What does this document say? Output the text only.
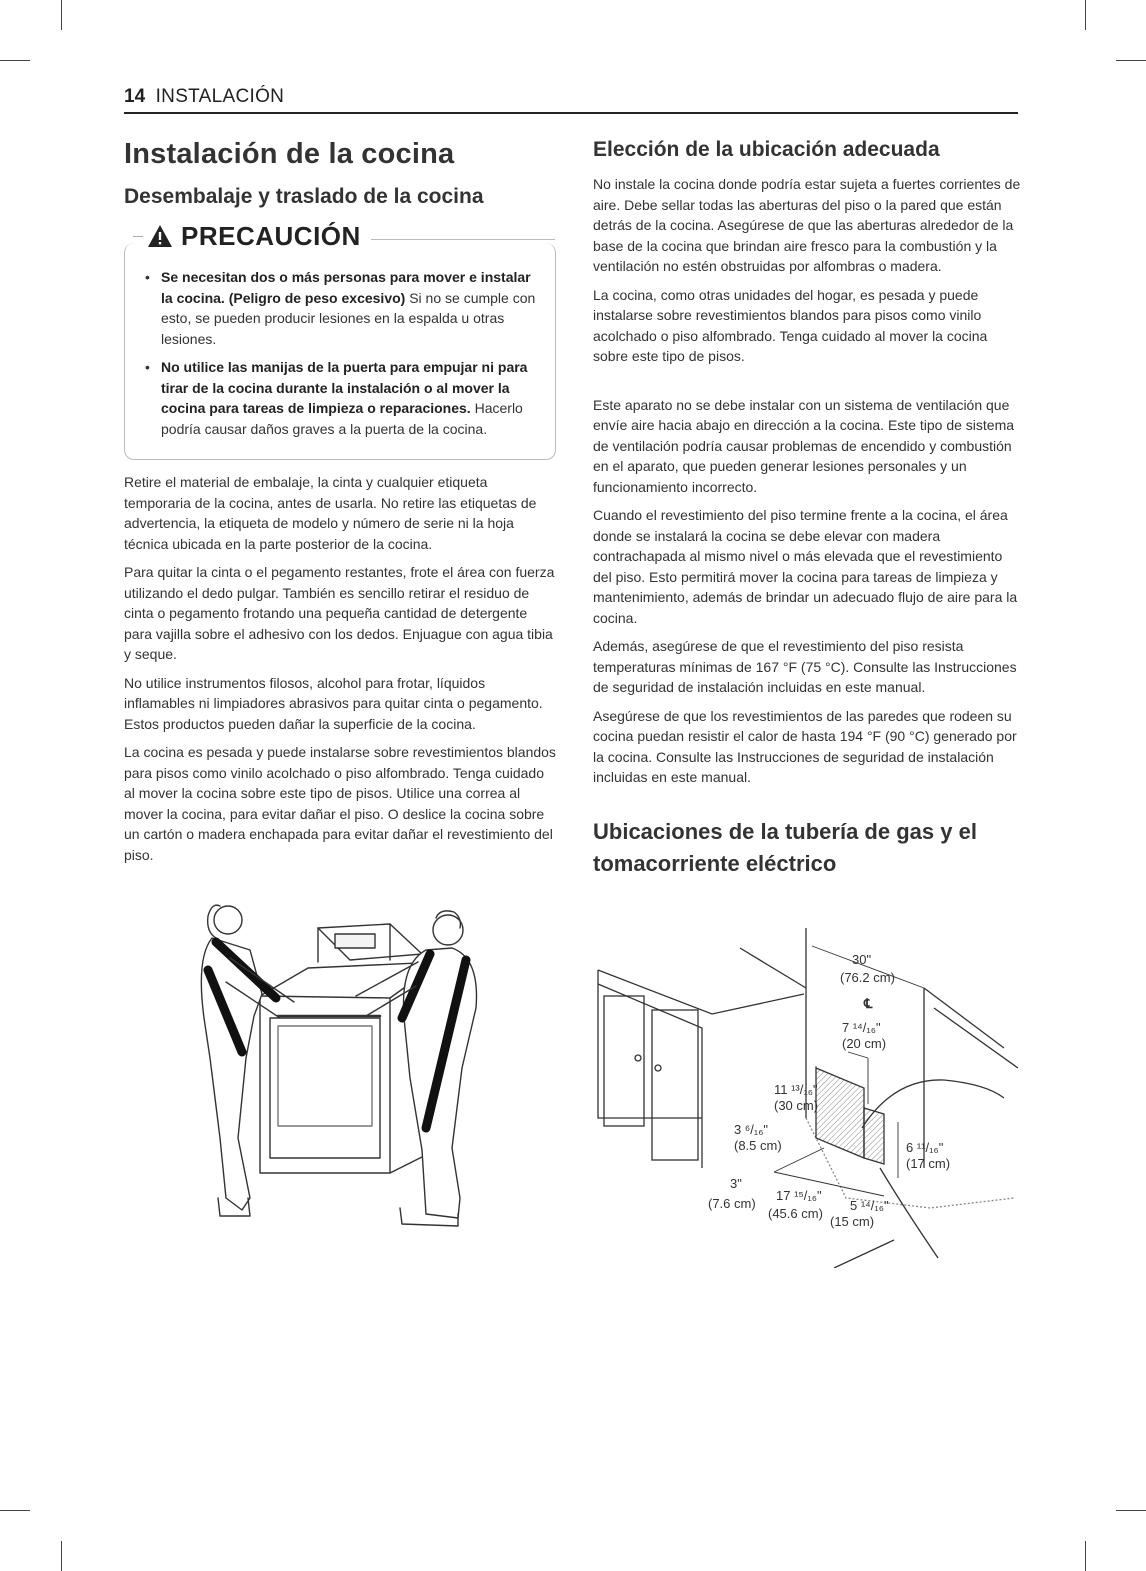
14 INSTALACIÓN
Instalación de la cocina
Desembalaje y traslado de la cocina
PRECAUCIÓN
• Se necesitan dos o más personas para mover e instalar la cocina. (Peligro de peso excesivo) Si no se cumple con esto, se pueden producir lesiones en la espalda u otras lesiones.
• No utilice las manijas de la puerta para empujar ni para tirar de la cocina durante la instalación o al mover la cocina para tareas de limpieza o reparaciones. Hacerlo podría causar daños graves a la puerta de la cocina.

Retire el material de embalaje, la cinta y cualquier etiqueta temporaria de la cocina, antes de usarla. No retire las etiquetas de advertencia, la etiqueta de modelo y número de serie ni la hoja técnica ubicada en la parte posterior de la cocina.

Para quitar la cinta o el pegamento restantes, frote el área con fuerza utilizando el dedo pulgar. También es sencillo retirar el residuo de cinta o pegamento frotando una pequeña cantidad de detergente para vajilla sobre el adhesivo con los dedos. Enjuague con agua tibia y seque.

No utilice instrumentos filosos, alcohol para frotar, líquidos inflamables ni limpiadores abrasivos para quitar cinta o pegamento. Estos productos pueden dañar la superficie de la cocina.

La cocina es pesada y puede instalarse sobre revestimientos blandos para pisos como vinilo acolchado o piso alfombrado. Tenga cuidado al mover la cocina sobre este tipo de pisos. Utilice una correa al mover la cocina, para evitar dañar el piso. O deslice la cocina sobre un cartón o madera enchapada para evitar dañar el revestimiento del piso.

Elección de la ubicación adecuada

No instale la cocina donde podría estar sujeta a fuertes corrientes de aire. Debe sellar todas las aberturas del piso o la pared que están detrás de la cocina. Asegúrese de que las aberturas alrededor de la base de la cocina que brindan aire fresco para la combustión y la ventilación no estén obstruidas por alfombras o madera.

La cocina, como otras unidades del hogar, es pesada y puede instalarse sobre revestimientos blandos para pisos como vinilo acolchado o piso alfombrado. Tenga cuidado al mover la cocina sobre este tipo de pisos.

Este aparato no se debe instalar con un sistema de ventilación que envíe aire hacia abajo en dirección a la cocina. Este tipo de sistema de ventilación podría causar problemas de encendido y combustión en el aparato, que pueden generar lesiones personales y un funcionamiento incorrecto.

Cuando el revestimiento del piso termine frente a la cocina, el área donde se instalará la cocina se debe elevar con madera contrachapada al mismo nivel o más elevada que el revestimiento del piso. Esto permitirá mover la cocina para tareas de limpieza y mantenimiento, además de brindar un adecuado flujo de aire para la cocina.

Además, asegúrese de que el revestimiento del piso resista temperaturas mínimas de 167 °F (75 °C). Consulte las Instrucciones de seguridad de instalación incluidas en este manual.

Asegúrese de que los revestimientos de las paredes que rodeen su cocina puedan resistir el calor de hasta 194 °F (90 °C) generado por la cocina. Consulte las Instrucciones de seguridad de instalación incluidas en este manual.

Ubicaciones de la tubería de gas y el tomacorriente eléctrico
30"
(76.2 cm)
℄
7 ¹⁴/₁₆"
(20 cm)
11 ¹³/₁₆"
(30 cm)
3 ⁶/₁₆"
(8.5 cm)	6 ¹¹/₁₆"
(17 cm)
3"
(7.6 cm)
17 ¹⁵/₁₆"
(45.6 cm)
5 ¹⁴/₁₆"
(15 cm)
